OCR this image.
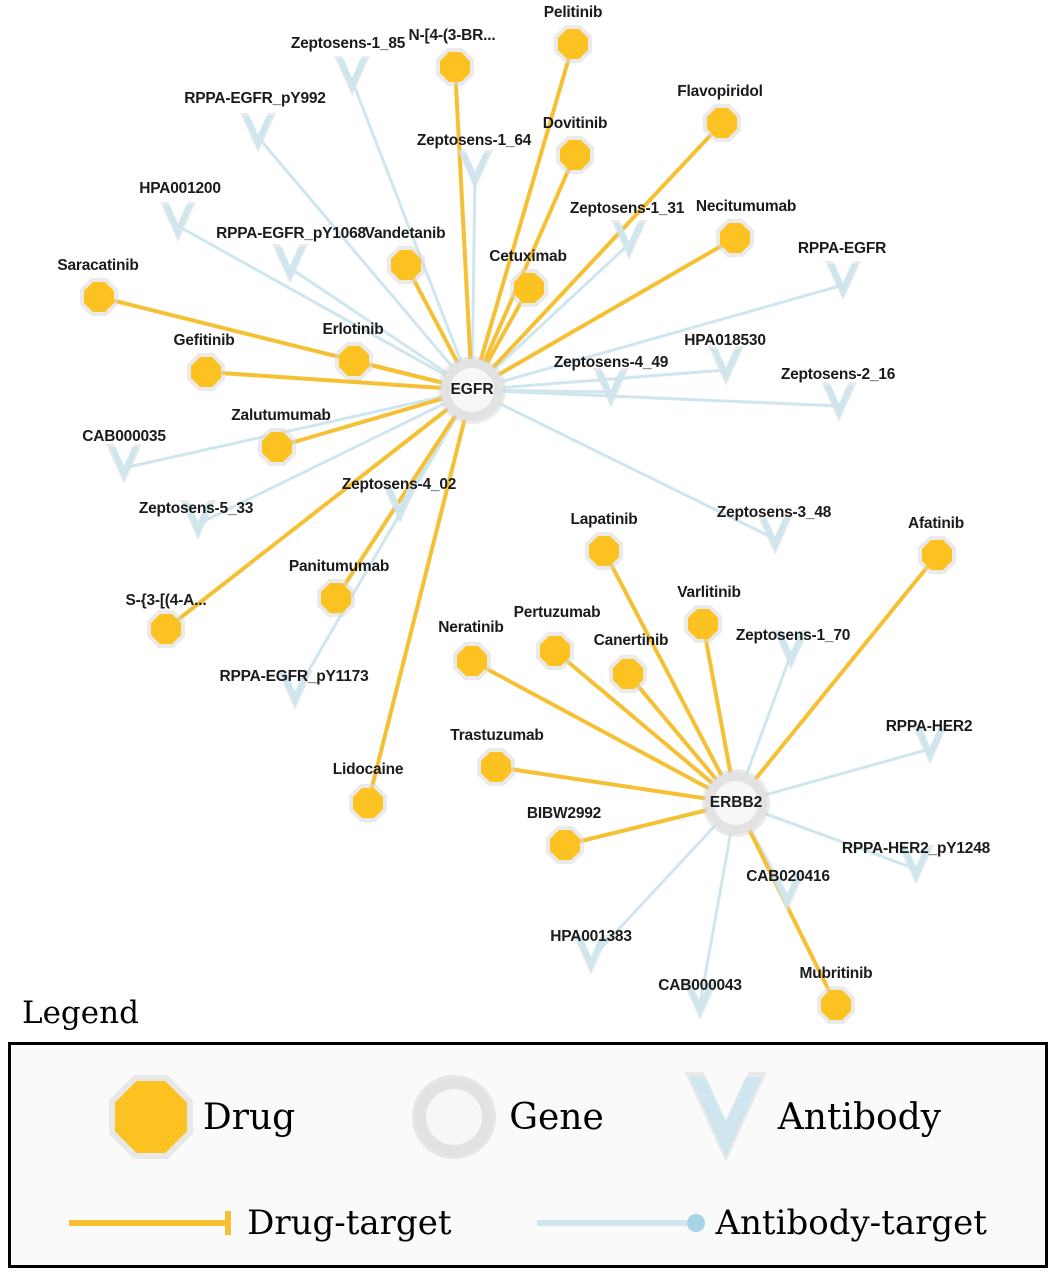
Zeptosens-1_85
RPPA-EGFR_pY992
Zeptosens-1_64
HPA001200
Zeptosens-1_31
RPPA-EGFR_pY1068
RPPA-EGFR
HPA018530
Zeptosens-4_49
Zeptosens-2_16
CAB000035
Zeptosens-5_33
Zeptosens-4_02
Zeptosens-3_48
Zeptosens-1_70
RPPA-EGFR_pY1173
RPPA-HER2
RPPA-HER2_pY1248
CAB020416
HPA001383
CAB000043
Pelitinib
N-[4-(3-BR...
Flavopiridol
Dovitinib
Necitumumab
Vandetanib
Cetuximab
Saracatinib
Erlotinib
Gefitinib
Zalutumumab
Lapatinib	Afatinib
Panitumumab
S-{3-[(4-A...	Varlitinib
Pertuzumab
Canertinib
Neratinib
Trastuzumab
Lidocaine
BIBW2992
Mubritinib
EGFR
ERBB2
Legend
Drug	Gene	Antibody
Drug-target	Antibody-target
